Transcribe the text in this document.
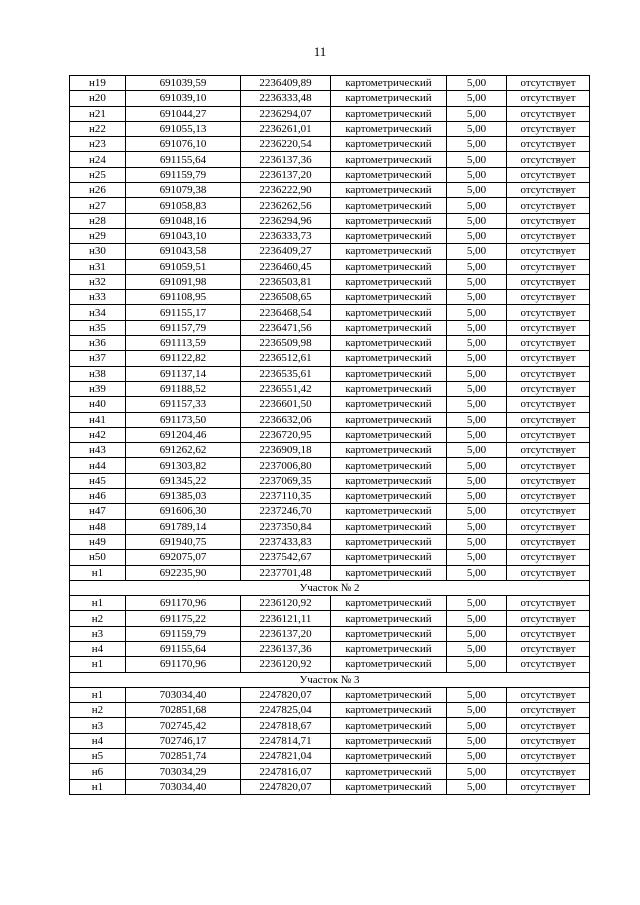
11
н19	691039,59	2236409,89	картометрический	5,00	отсутствует
н20	691039,10	2236333,48	картометрический	5,00	отсутствует
н21	691044,27	2236294,07	картометрический	5,00	отсутствует
н22	691055,13	2236261,01	картометрический	5,00	отсутствует
н23	691076,10	2236220,54	картометрический	5,00	отсутствует
н24	691155,64	2236137,36	картометрический	5,00	отсутствует
н25	691159,79	2236137,20	картометрический	5,00	отсутствует
н26	691079,38	2236222,90	картометрический	5,00	отсутствует
н27	691058,83	2236262,56	картометрический	5,00	отсутствует
н28	691048,16	2236294,96	картометрический	5,00	отсутствует
н29	691043,10	2236333,73	картометрический	5,00	отсутствует
н30	691043,58	2236409,27	картометрический	5,00	отсутствует
н31	691059,51	2236460,45	картометрический	5,00	отсутствует
н32	691091,98	2236503,81	картометрический	5,00	отсутствует
н33	691108,95	2236508,65	картометрический	5,00	отсутствует
н34	691155,17	2236468,54	картометрический	5,00	отсутствует
н35	691157,79	2236471,56	картометрический	5,00	отсутствует
н36	691113,59	2236509,98	картометрический	5,00	отсутствует
н37	691122,82	2236512,61	картометрический	5,00	отсутствует
н38	691137,14	2236535,61	картометрический	5,00	отсутствует
н39	691188,52	2236551,42	картометрический	5,00	отсутствует
н40	691157,33	2236601,50	картометрический	5,00	отсутствует
н41	691173,50	2236632,06	картометрический	5,00	отсутствует
н42	691204,46	2236720,95	картометрический	5,00	отсутствует
н43	691262,62	2236909,18	картометрический	5,00	отсутствует
н44	691303,82	2237006,80	картометрический	5,00	отсутствует
н45	691345,22	2237069,35	картометрический	5,00	отсутствует
н46	691385,03	2237110,35	картометрический	5,00	отсутствует
н47	691606,30	2237246,70	картометрический	5,00	отсутствует
н48	691789,14	2237350,84	картометрический	5,00	отсутствует
н49	691940,75	2237433,83	картометрический	5,00	отсутствует
н50	692075,07	2237542,67	картометрический	5,00	отсутствует
н1	692235,90	2237701,48	картометрический	5,00	отсутствует
Участок № 2					
н1	691170,96	2236120,92	картометрический	5,00	отсутствует
н2	691175,22	2236121,11	картометрический	5,00	отсутствует
н3	691159,79	2236137,20	картометрический	5,00	отсутствует
н4	691155,64	2236137,36	картометрический	5,00	отсутствует
н1	691170,96	2236120,92	картометрический	5,00	отсутствует
Участок № 3					
н1	703034,40	2247820,07	картометрический	5,00	отсутствует
н2	702851,68	2247825,04	картометрический	5,00	отсутствует
н3	702745,42	2247818,67	картометрический	5,00	отсутствует
н4	702746,17	2247814,71	картометрический	5,00	отсутствует
н5	702851,74	2247821,04	картометрический	5,00	отсутствует
н6	703034,29	2247816,07	картометрический	5,00	отсутствует
н1	703034,40	2247820,07	картометрический	5,00	отсутствует
